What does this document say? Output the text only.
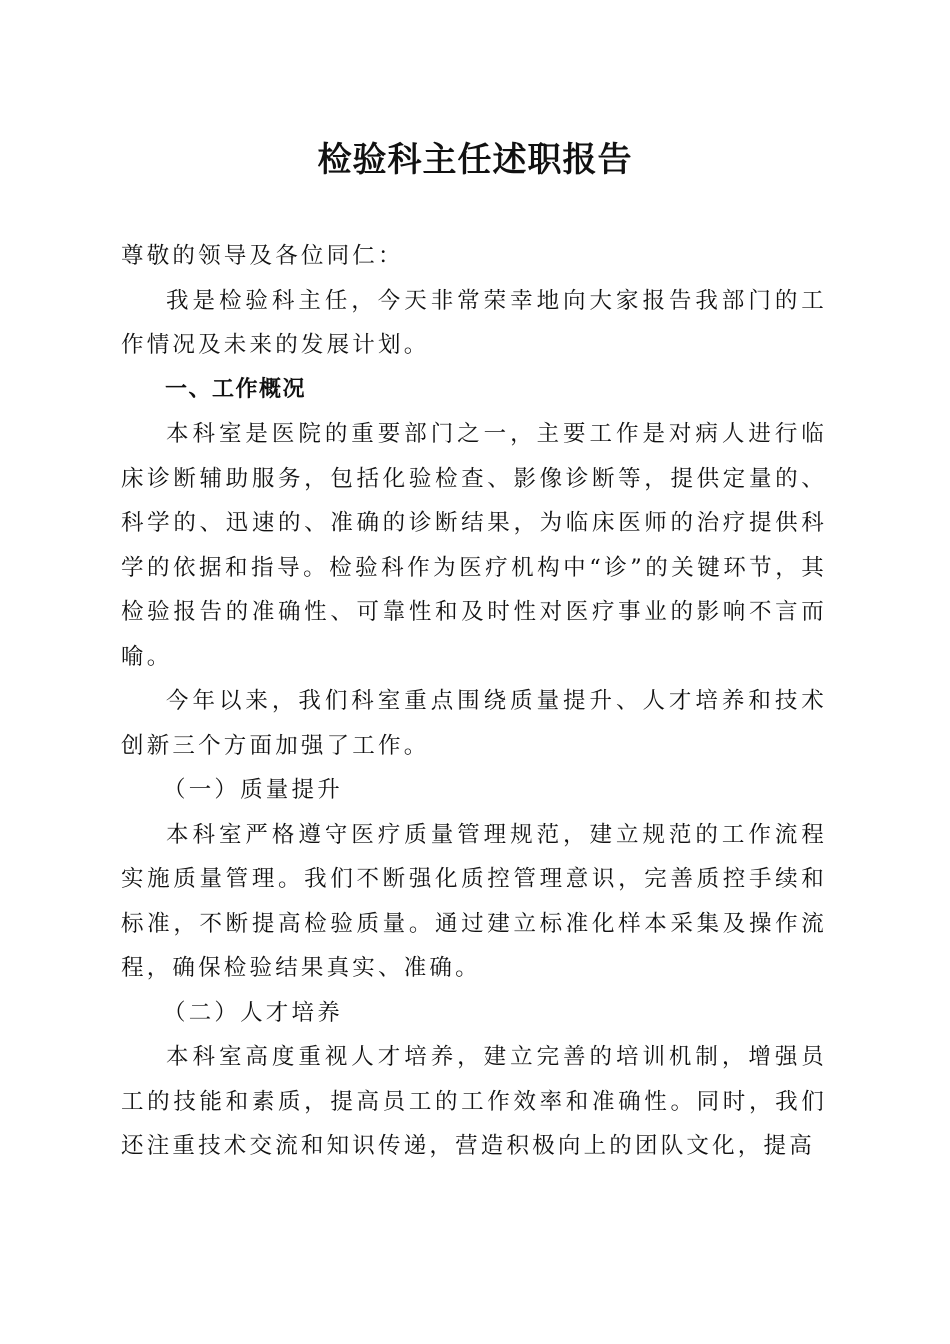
检验科主任述职报告

尊敬的领导及各位同仁：

我是检验科主任，今天非常荣幸地向大家报告我部门的工作情况及未来的发展计划。

一、工作概况

本科室是医院的重要部门之一，主要工作是对病人进行临床诊断辅助服务，包括化验检查、影像诊断等，提供定量的、科学的、迅速的、准确的诊断结果，为临床医师的治疗提供科学的依据和指导。检验科作为医疗机构中“诊”的关键环节，其检验报告的准确性、可靠性和及时性对医疗事业的影响不言而喻。

今年以来，我们科室重点围绕质量提升、人才培养和技术创新三个方面加强了工作。

（一）质量提升

本科室严格遵守医疗质量管理规范，建立规范的工作流程实施质量管理。我们不断强化质控管理意识，完善质控手续和标准，不断提高检验质量。通过建立标准化样本采集及操作流程，确保检验结果真实、准确。

（二）人才培养

本科室高度重视人才培养，建立完善的培训机制，增强员工的技能和素质，提高员工的工作效率和准确性。同时，我们还注重技术交流和知识传递，营造积极向上的团队文化，提高
